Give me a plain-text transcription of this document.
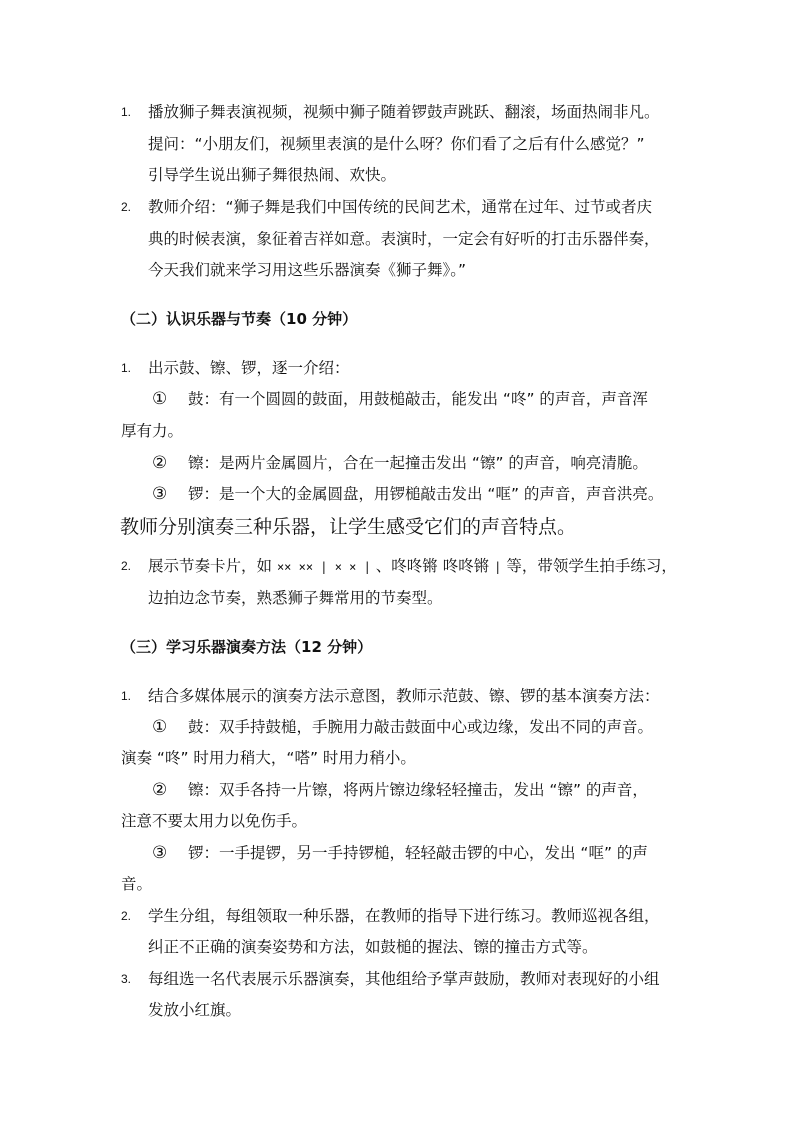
1. 播放狮子舞表演视频，视频中狮子随着锣鼓声跳跃、翻滚，场面热闹非凡。
提问：“小朋友们，视频里表演的是什么呀？你们看了之后有什么感觉？”
引导学生说出狮子舞很热闹、欢快。
2. 教师介绍：“狮子舞是我们中国传统的民间艺术，通常在过年、过节或者庆
典的时候表演，象征着吉祥如意。表演时，一定会有好听的打击乐器伴奏，
今天我们就来学习用这些乐器演奏《狮子舞》。”
（二）认识乐器与节奏（10 分钟）
1. 出示鼓、镲、锣，逐一介绍：
① 鼓：有一个圆圆的鼓面，用鼓槌敲击，能发出 “咚” 的声音，声音浑
厚有力。
② 镲：是两片金属圆片，合在一起撞击发出 “镲” 的声音，响亮清脆。
③ 锣：是一个大的金属圆盘，用锣槌敲击发出 “哐” 的声音，声音洪亮。
教师分别演奏三种乐器，让学生感受它们的声音特点。
2. 展示节奏卡片，如 ×× ×× | × × | 、咚咚锵 咚咚锵 | 等，带领学生拍手练习，
边拍边念节奏，熟悉狮子舞常用的节奏型。
（三）学习乐器演奏方法（12 分钟）
1. 结合多媒体展示的演奏方法示意图，教师示范鼓、镲、锣的基本演奏方法：
① 鼓：双手持鼓槌，手腕用力敲击鼓面中心或边缘，发出不同的声音。
演奏 “咚” 时用力稍大，“嗒” 时用力稍小。
② 镲：双手各持一片镲，将两片镲边缘轻轻撞击，发出 “镲” 的声音，
注意不要太用力以免伤手。
③ 锣：一手提锣，另一手持锣槌，轻轻敲击锣的中心，发出 “哐” 的声
音。
2. 学生分组，每组领取一种乐器，在教师的指导下进行练习。教师巡视各组，
纠正不正确的演奏姿势和方法，如鼓槌的握法、镲的撞击方式等。
3. 每组选一名代表展示乐器演奏，其他组给予掌声鼓励，教师对表现好的小组
发放小红旗。
